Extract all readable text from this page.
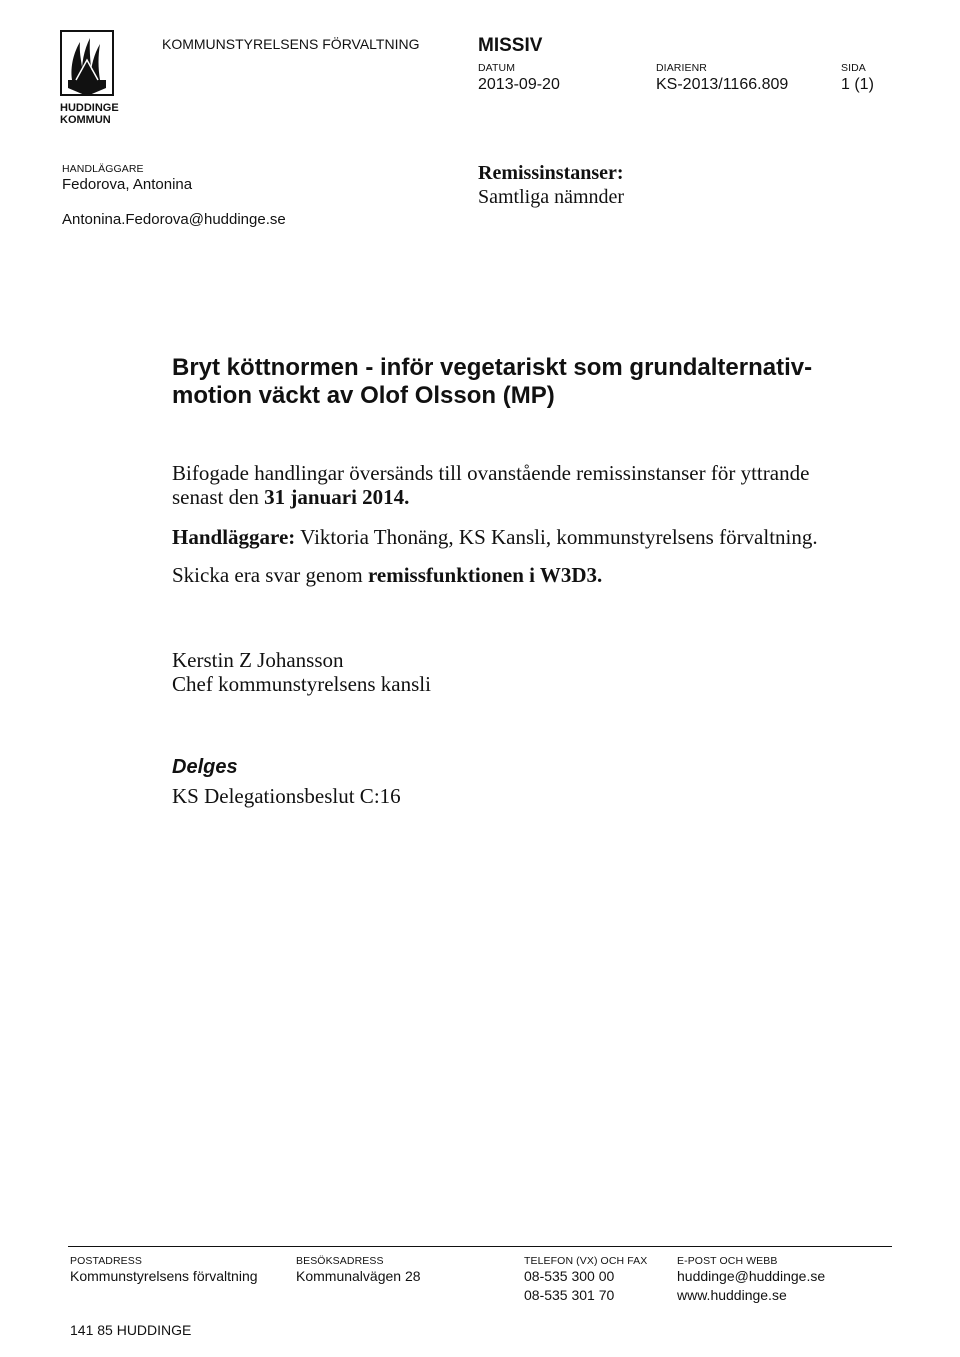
HUDDINGE
KOMMUN
KOMMUNSTYRELSENS FÖRVALTNING	MISSIV
DATUM
2013-09-20
DIARIENR
KS-2013/1166.809
SIDA
1 (1)
HANDLÄGGARE
Fedorova, Antonina
Antonina.Fedorova@huddinge.se
Remissinstanser:
Samtliga nämnder
Bryt köttnormen - inför vegetariskt som grundalternativ-
motion väckt av Olof Olsson (MP)
Bifogade handlingar översänds till ovanstående remissinstanser för yttrande
senast den 31 januari 2014.
Handläggare: Viktoria Thonäng, KS Kansli, kommunstyrelsens förvaltning.
Skicka era svar genom remissfunktionen i W3D3.
Kerstin Z Johansson
Chef kommunstyrelsens kansli
Delges
KS Delegationsbeslut C:16
POSTADRESS
Kommunstyrelsens förvaltning
141 85 HUDDINGE
BESÖKSADRESS
Kommunalvägen 28
TELEFON (VX) OCH FAX
08-535 300 00
08-535 301 70
E-POST OCH WEBB
huddinge@huddinge.se
www.huddinge.se
